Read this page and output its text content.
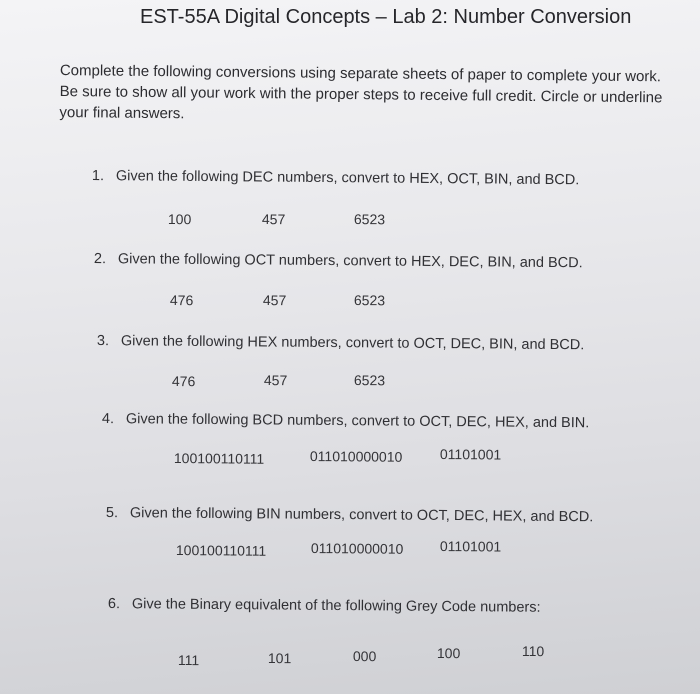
EST-55A Digital Concepts – Lab 2: Number Conversion
Complete the following conversions using separate sheets of paper to complete your work. Be sure to show all your work with the proper steps to receive full credit. Circle or underline your final answers.
1. Given the following DEC numbers, convert to HEX, OCT, BIN, and BCD.
100	457	6523
2. Given the following OCT numbers, convert to HEX, DEC, BIN, and BCD.
476	457	6523
3. Given the following HEX numbers, convert to OCT, DEC, BIN, and BCD.
476	457	6523
4. Given the following BCD numbers, convert to OCT, DEC, HEX, and BIN.
100100110111	011010000010	01101001
5. Given the following BIN numbers, convert to OCT, DEC, HEX, and BCD.
100100110111	011010000010	01101001
6. Give the Binary equivalent of the following Grey Code numbers:
111	101	000	100	110
